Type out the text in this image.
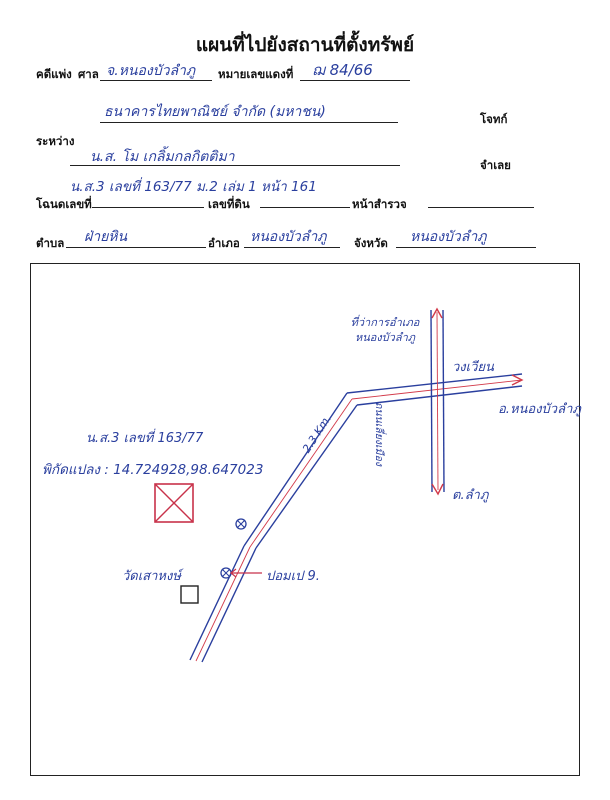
แผนที่ไปยังสถานที่ตั้งทรัพย์
คดีแพ่ง ศาล จ.หนองบัวลำภู หมายเลขแดงที่ ฌ 84/66
ธนาคารไทยพาณิชย์ จำกัด (มหาชน)	โจทก์
ระหว่าง
น.ส. โม เกลิ้มกลกิตติมา	จำเลย
น.ส.3 เลขที่ 163/77 ม.2 เล่ม 1 หน้า 161
โฉนดเลขที่	เลขที่ดิน	หน้าสำรวจ
ตำบล ฝ่ายหิน	อำเภอ หนองบัวลำภู จังหวัด หนองบัวลำภู
ที่ว่าการอำเภอหนองบัวลำภู
ถนนเลี่ยงเมือง
วงเวียน
อ.หนองบัวลำภู
ต.ลำภู
2.3 Km.
น.ส.3 เลขที่ 163/77
พิกัดแปลง : 14.724928,98.647023
วัดเสาหงษ์	ปอมเป 9.
